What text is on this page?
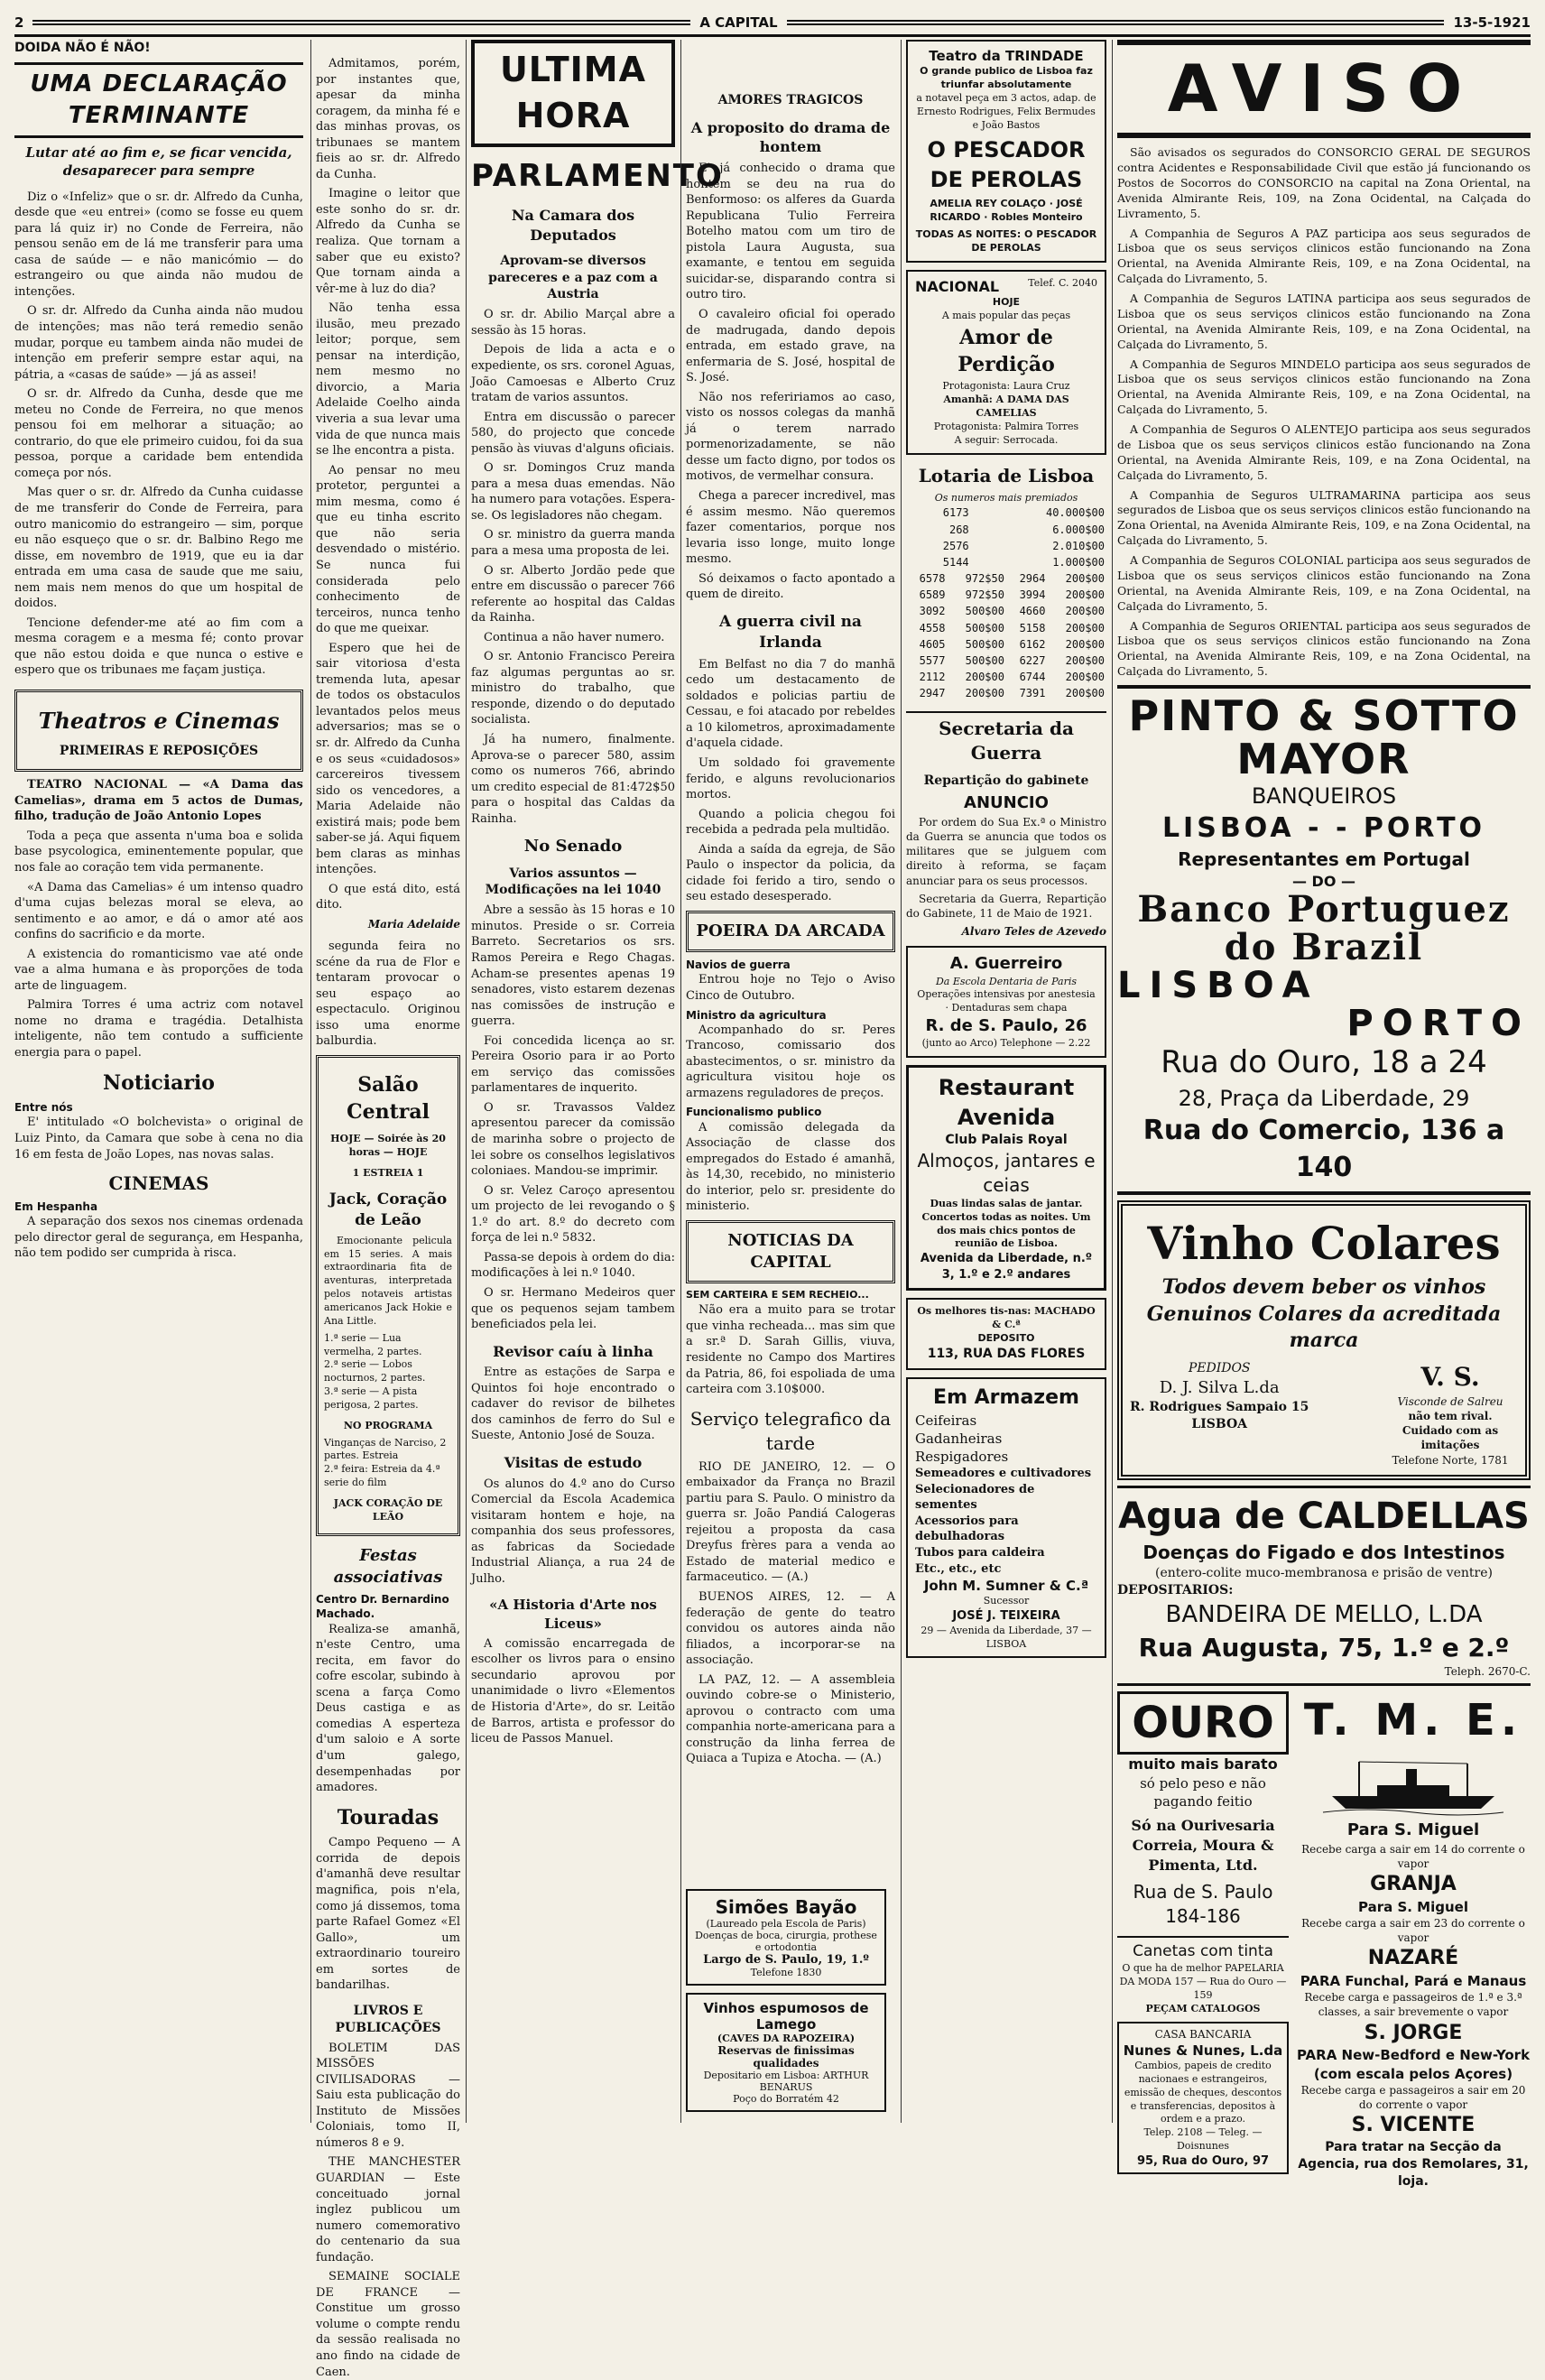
2	A CAPITAL	13-5-1921
DOIDA NÃO É NÃO!
UMA DECLARAÇÃO TERMINANTE
Lutar até ao fim e, se ficar vencida, desaparecer para sempre

Diz o «Infeliz» que o sr. dr. Alfredo da Cunha, desde que «eu entrei» (como se fosse eu quem para lá quiz ir) no Conde de Ferreira, não pensou senão em de lá me transferir para uma casa de saúde — e não manicómio — do estrangeiro ou que ainda não mudou de intenções.

O sr. dr. Alfredo da Cunha ainda não mudou de intenções; mas não terá remedio senão mudar, porque eu tambem ainda não mudei de intenção em preferir sempre estar aqui, na pátria, a «casas de saúde» — já as assei!

O sr. dr. Alfredo da Cunha, desde que me meteu no Conde de Ferreira, no que menos pensou foi em melhorar a situação; ao contrario, do que ele primeiro cuidou, foi da sua pessoa, porque a caridade bem entendida começa por nós.

Mas quer o sr. dr. Alfredo da Cunha cuidasse de me transferir do Conde de Ferreira, para outro manicomio do estrangeiro — sim, porque eu não esqueço que o sr. dr. Balbino Rego me disse, em novembro de 1919, que eu ia dar entrada em uma casa de saude que me saiu, nem mais nem menos do que um hospital de doidos.

Tencione defender-me até ao fim com a mesma coragem e a mesma fé; conto provar que não estou doida e que nunca o estive e espero que os tribunaes me façam justiça.

Theatros e Cinemas
PRIMEIRAS E REPOSIÇÕES

TEATRO NACIONAL — «A Dama das Camelias», drama em 5 actos de Dumas, filho, tradução de João Antonio Lopes

Toda a peça que assenta n'uma boa e solida base psycologica, eminentemente popular, que nos fale ao coração tem vida permanente.

«A Dama das Camelias» é um intenso quadro d'uma cujas belezas moral se eleva, ao sentimento e ao amor, e dá o amor até aos confins do sacrificio e da morte.

A existencia do romanticismo vae até onde vae a alma humana e às proporções de toda arte de linguagem.

Palmira Torres é uma actriz com notavel nome no drama e tragédia. Detalhista inteligente, não tem contudo a sufficiente energia para o papel.

Noticiario
Entre nós

E' intitulado «O bolchevista» o original de Luiz Pinto, da Camara que sobe à cena no dia 16 em festa de João Lopes, nas novas salas.

CINEMAS
Em Hespanha

A separação dos sexos nos cinemas ordenada pelo director geral de segurança, em Hespanha, não tem podido ser cumprida à risca.

Admitamos, porém, por instantes que, apesar da minha coragem, da minha fé e das minhas provas, os tribunaes se mantem fieis ao sr. dr. Alfredo da Cunha.

Imagine o leitor que este sonho do sr. dr. Alfredo da Cunha se realiza. Que tornam a saber que eu existo? Que tornam ainda a vêr-me à luz do dia?

Não tenha essa ilusão, meu prezado leitor; porque, sem pensar na interdição, nem mesmo no divorcio, a Maria Adelaide Coelho ainda viveria a sua levar uma vida de que nunca mais se lhe encontra a pista.

Ao pensar no meu protetor, perguntei a mim mesma, como é que eu tinha escrito que não seria desvendado o mistério. Se nunca fui considerada pelo conhecimento de terceiros, nunca tenho do que me queixar.

Espero que hei de sair vitoriosa d'esta tremenda luta, apesar de todos os obstaculos levantados pelos meus adversarios; mas se o sr. dr. Alfredo da Cunha e os seus «cuidadosos» carcereiros tivessem sido os vencedores, a Maria Adelaide não existirá mais; pode bem saber-se já. Aqui fiquem bem claras as minhas intenções.

O que está dito, está dito.

Maria Adelaide

segunda feira no scéne da rua de Flor e tentaram provocar o seu espaço ao espectaculo. Originou isso uma enorme balburdia.

Salão Central
HOJE — Soirée às 20 horas — HOJE
1 ESTREIA 1
Jack, Coração de Leão

Emocionante pelicula em 15 series. A mais extraordinaria fita de aventuras, interpretada pelos notaveis artistas americanos Jack Hokie e Ana Little.

1.ª serie — Lua vermelha, 2 partes.
2.ª serie — Lobos nocturnos, 2 partes.
3.ª serie — A pista perigosa, 2 partes.
NO PROGRAMA
Vinganças de Narciso, 2 partes. Estreia
2.ª feira: Estreia da 4.ª serie do film
JACK CORAÇÃO DE LEÃO
Festas associativas
Centro Dr. Bernardino Machado.

Realiza-se amanhã, n'este Centro, uma recita, em favor do cofre escolar, subindo à scena a farça Como Deus castiga e as comedias A esperteza d'um saloio e A sorte d'um galego, desempenhadas por amadores.

Touradas

Campo Pequeno — A corrida de depois d'amanhã deve resultar magnifica, pois n'ela, como já dissemos, toma parte Rafael Gomez «El Gallo», um extraordinario toureiro em sortes de bandarilhas.

LIVROS E PUBLICAÇÕES

BOLETIM DAS MISSÕES CIVILISADORAS — Saiu esta publicação do Instituto de Missões Coloniais, tomo II, números 8 e 9.

THE MANCHESTER GUARDIAN — Este conceituado jornal inglez publicou um numero comemorativo do centenario da sua fundação.

SEMAINE SOCIALE DE FRANCE — Constitue um grosso volume o compte rendu da sessão realisada no ano findo na cidade de Caen.

ULTIMA HORA
PARLAMENTO
Na Camara dos Deputados
Aprovam-se diversos pareceres e a paz com a Austria

O sr. dr. Abilio Marçal abre a sessão às 15 horas.

Depois de lida a acta e o expediente, os srs. coronel Aguas, João Camoesas e Alberto Cruz tratam de varios assuntos.

Entra em discussão o parecer 580, do projecto que concede pensão às viuvas d'alguns oficiais.

O sr. Domingos Cruz manda para a mesa duas emendas. Não ha numero para votações. Espera-se. Os legisladores não chegam.

O sr. ministro da guerra manda para a mesa uma proposta de lei.

O sr. Alberto Jordão pede que entre em discussão o parecer 766 referente ao hospital das Caldas da Rainha.

Continua a não haver numero.

O sr. Antonio Francisco Pereira faz algumas perguntas ao sr. ministro do trabalho, que responde, dizendo o do deputado socialista.

Já ha numero, finalmente. Aprova-se o parecer 580, assim como os numeros 766, abrindo um credito especial de 81:472$50 para o hospital das Caldas da Rainha.

No Senado
Varios assuntos — Modificações na lei 1040

Abre a sessão às 15 horas e 10 minutos. Preside o sr. Correia Barreto. Secretarios os srs. Ramos Pereira e Rego Chagas. Acham-se presentes apenas 19 senadores, visto estarem dezenas nas comissões de instrução e guerra.

Foi concedida licença ao sr. Pereira Osorio para ir ao Porto em serviço das comissões parlamentares de inquerito.

O sr. Travassos Valdez apresentou parecer da comissão de marinha sobre o projecto de lei sobre os conselhos legislativos coloniaes. Mandou-se imprimir.

O sr. Velez Caroço apresentou um projecto de lei revogando o § 1.º do art. 8.º do decreto com força de lei n.º 5832.

Passa-se depois à ordem do dia: modificações à lei n.º 1040.

O sr. Hermano Medeiros quer que os pequenos sejam tambem beneficiados pela lei.

Revisor caíu à linha

Entre as estações de Sarpa e Quintos foi hoje encontrado o cadaver do revisor de bilhetes dos caminhos de ferro do Sul e Sueste, Antonio José de Souza.

Visitas de estudo

Os alunos do 4.º ano do Curso Comercial da Escola Academica visitaram hontem e hoje, na companhia dos seus professores, as fabricas da Sociedade Industrial Aliança, a rua 24 de Julho.

«A Historia d'Arte nos Liceus»

A comissão encarregada de escolher os livros para o ensino secundario aprovou por unanimidade o livro «Elementos de Historia d'Arte», do sr. Leitão de Barros, artista e professor do liceu de Passos Manuel.

AMORES TRAGICOS
A proposito do drama de hontem

E' já conhecido o drama que hontem se deu na rua do Benformoso: os alferes da Guarda Republicana Tulio Ferreira Botelho matou com um tiro de pistola Laura Augusta, sua examante, e tentou em seguida suicidar-se, disparando contra si outro tiro.

O cavaleiro oficial foi operado de madrugada, dando depois entrada, em estado grave, na enfermaria de S. José, hospital de S. José.

Não nos refeririamos ao caso, visto os nossos colegas da manhã já o terem narrado pormenorizadamente, se não desse um facto digno, por todos os motivos, de vermelhar consura.

Chega a parecer incredivel, mas é assim mesmo. Não queremos fazer comentarios, porque nos levaria isso longe, muito longe mesmo.

Só deixamos o facto apontado a quem de direito.

A guerra civil na Irlanda

Em Belfast no dia 7 do manhã cedo um destacamento de soldados e policias partiu de Cessau, e foi atacado por rebeldes a 10 kilometros, aproximadamente d'aquela cidade.

Um soldado foi gravemente ferido, e alguns revolucionarios mortos.

Quando a policia chegou foi recebida a pedrada pela multidão.

Ainda a saída da egreja, de São Paulo o inspector da policia, da cidade foi ferido a tiro, sendo o seu estado desesperado.

POEIRA DA ARCADA
Navios de guerra

Entrou hoje no Tejo o Aviso Cinco de Outubro.

Ministro da agricultura

Acompanhado do sr. Peres Trancoso, comissario dos abastecimentos, o sr. ministro da agricultura visitou hoje os armazens reguladores de preços.

Funcionalismo publico

A comissão delegada da Associação de classe dos empregados do Estado é amanhã, às 14,30, recebido, no ministerio do interior, pelo sr. presidente do ministerio.

NOTICIAS DA CAPITAL
SEM CARTEIRA E SEM RECHEIO...

Não era a muito para se trotar que vinha recheada... mas sim que a sr.ª D. Sarah Gillis, viuva, residente no Campo dos Martires da Patria, 86, foi espoliada de uma carteira com 3.10$000.

Serviço telegrafico da tarde

RIO DE JANEIRO, 12. — O embaixador da França no Brazil partiu para S. Paulo. O ministro da guerra sr. João Pandiá Calogeras rejeitou a proposta da casa Dreyfus frères para a venda ao Estado de material medico e farmaceutico. — (A.)

BUENOS AIRES, 12. — A federação de gente do teatro convidou os autores ainda não filiados, a incorporar-se na associação.

LA PAZ, 12. — A assembleia ouvindo cobre-se o Ministerio, aprovou o contracto com uma companhia norte-americana para a construção da linha ferrea de Quiaca a Tupiza e Atocha. — (A.)

Teatro da TRINDADE
O grande publico de Lisboa faz triunfar absolutamente
a notavel peça em 3 actos, adap. de Ernesto Rodrigues, Felix Bermudes e João Bastos
O PESCADOR DE PEROLAS
AMELIA REY COLAÇO · JOSÉ RICARDO · Robles Monteiro
TODAS AS NOITES: O PESCADOR DE PEROLAS
NACIONAL	Telef. C. 2040
HOJE
A mais popular das peças
Amor de Perdição
Protagonista: Laura Cruz
Amanhã: A DAMA DAS CAMELIAS
Protagonista: Palmira Torres
A seguir: Serrocada.
Lotaria de Lisboa
Os numeros mais premiados
6173	40.000$00
268	6.000$00
2576	2.010$00
5144	1.000$00
6578	972$50	2964	200$00
6589	972$50	3994	200$00
3092	500$00	4660	200$00
4558	500$00	5158	200$00
4605	500$00	6162	200$00
5577	500$00	6227	200$00
2112	200$00	6744	200$00
2947	200$00	7391	200$00
Secretaria da Guerra
Repartição do gabinete
ANUNCIO

Por ordem do Sua Ex.ª o Ministro da Guerra se anuncia que todos os militares que se julguem com direito à reforma, se façam anunciar para os seus processos.

Secretaria da Guerra, Repartição do Gabinete, 11 de Maio de 1921.

Alvaro Teles de Azevedo
A. Guerreiro
Da Escola Dentaria de Paris
Operações intensivas por anestesia · Dentaduras sem chapa
R. de S. Paulo, 26
(junto ao Arco) Telephone — 2.22
Restaurant Avenida
Club Palais Royal
Almoços, jantares e ceias
Duas lindas salas de jantar. Concertos todas as noites. Um dos mais chics pontos de reunião de Lisboa.
Avenida da Liberdade, n.º 3, 1.º e 2.º andares
Os melhores tis-nas: MACHADO & C.ª
DEPOSITO
113, RUA DAS FLORES
Em Armazem
Ceifeiras
Gadanheiras
Respigadores
Semeadores e cultivadores
Selecionadores de sementes
Acessorios para debulhadoras
Tubos para caldeira
Etc., etc., etc
John M. Sumner & C.ª
Sucessor
JOSÉ J. TEIXEIRA
29 — Avenida da Liberdade, 37 — LISBOA
AVISO
São avisados os segurados do CONSORCIO GERAL DE SEGUROS contra Acidentes e Responsabilidade Civil que estão já funcionando os Postos de Socorros do CONSORCIO na capital na Zona Oriental, na Avenida Almirante Reis, 109, na Zona Ocidental, na Calçada do Livramento, 5.
A Companhia de Seguros A PAZ participa aos seus segurados de Lisboa que os seus serviços clinicos estão funcionando na Zona Oriental, na Avenida Almirante Reis, 109, e na Zona Ocidental, na Calçada do Livramento, 5.
A Companhia de Seguros LATINA participa aos seus segurados de Lisboa que os seus serviços clinicos estão funcionando na Zona Oriental, na Avenida Almirante Reis, 109, e na Zona Ocidental, na Calçada do Livramento, 5.
A Companhia de Seguros MINDELO participa aos seus segurados de Lisboa que os seus serviços clinicos estão funcionando na Zona Oriental, na Avenida Almirante Reis, 109, e na Zona Ocidental, na Calçada do Livramento, 5.
A Companhia de Seguros O ALENTEJO participa aos seus segurados de Lisboa que os seus serviços clinicos estão funcionando na Zona Oriental, na Avenida Almirante Reis, 109, e na Zona Ocidental, na Calçada do Livramento, 5.
A Companhia de Seguros ULTRAMARINA participa aos seus segurados de Lisboa que os seus serviços clinicos estão funcionando na Zona Oriental, na Avenida Almirante Reis, 109, e na Zona Ocidental, na Calçada do Livramento, 5.
A Companhia de Seguros COLONIAL participa aos seus segurados de Lisboa que os seus serviços clinicos estão funcionando na Zona Oriental, na Avenida Almirante Reis, 109, e na Zona Ocidental, na Calçada do Livramento, 5.
A Companhia de Seguros ORIENTAL participa aos seus segurados de Lisboa que os seus serviços clinicos estão funcionando na Zona Oriental, na Avenida Almirante Reis, 109, e na Zona Ocidental, na Calçada do Livramento, 5.
PINTO & SOTTO MAYOR
BANQUEIROS
LISBOA - - PORTO
Representantes em Portugal
— DO —
Banco Portuguez do Brazil
LISBOA
PORTO
Rua do Ouro, 18 a 24
28, Praça da Liberdade, 29
Rua do Comercio, 136 a 140
Vinho Colares
Todos devem beber os vinhos Genuinos Colares da acreditada marca
PEDIDOS
D. J. Silva L.da
R. Rodrigues Sampaio 15
LISBOA
V. S.
Visconde de Salreu
não tem rival. Cuidado com as imitações
Telefone Norte, 1781
Agua de CALDELLAS
Doenças do Figado e dos Intestinos
(entero-colite muco-membranosa e prisão de ventre)
DEPOSITARIOS:
BANDEIRA DE MELLO, L.DA
Rua Augusta, 75, 1.º e 2.º
Teleph. 2670-C.
OURO
muito mais barato
só pelo peso e não pagando feitio
Só na Ourivesaria Correia, Moura & Pimenta, Ltd.
Rua de S. Paulo 184-186
Canetas com tinta
O que ha de melhor PAPELARIA DA MODA 157 — Rua do Ouro — 159
PEÇAM CATALOGOS
CASA BANCARIA
Nunes & Nunes, L.da
Cambios, papeis de credito nacionaes e estrangeiros, emissão de cheques, descontos e transferencias, depositos à ordem e a prazo.
Telep. 2108 — Teleg. — Doisnunes
95, Rua do Ouro, 97
T. M. E.
Para S. Miguel
Recebe carga a sair em 14 do corrente o vapor
GRANJA
Para S. Miguel
Recebe carga a sair em 23 do corrente o vapor
NAZARÉ
PARA Funchal, Pará e Manaus
Recebe carga e passageiros de 1.ª e 3.ª classes, a sair brevemente o vapor
S. JORGE
PARA New-Bedford e New-York (com escala pelos Açores)
Recebe carga e passageiros a sair em 20 do corrente o vapor
S. VICENTE
Para tratar na Secção da Agencia, rua dos Remolares, 31, loja.
Simões Bayão
(Laureado pela Escola de Paris)
Doenças de boca, cirurgia, prothese e ortodontia
Largo de S. Paulo, 19, 1.º
Telefone 1830
Vinhos espumosos de Lamego
(CAVES DA RAPOZEIRA)
Reservas de finissimas qualidades
Depositario em Lisboa: ARTHUR BENARUS
Poço do Borratém 42
